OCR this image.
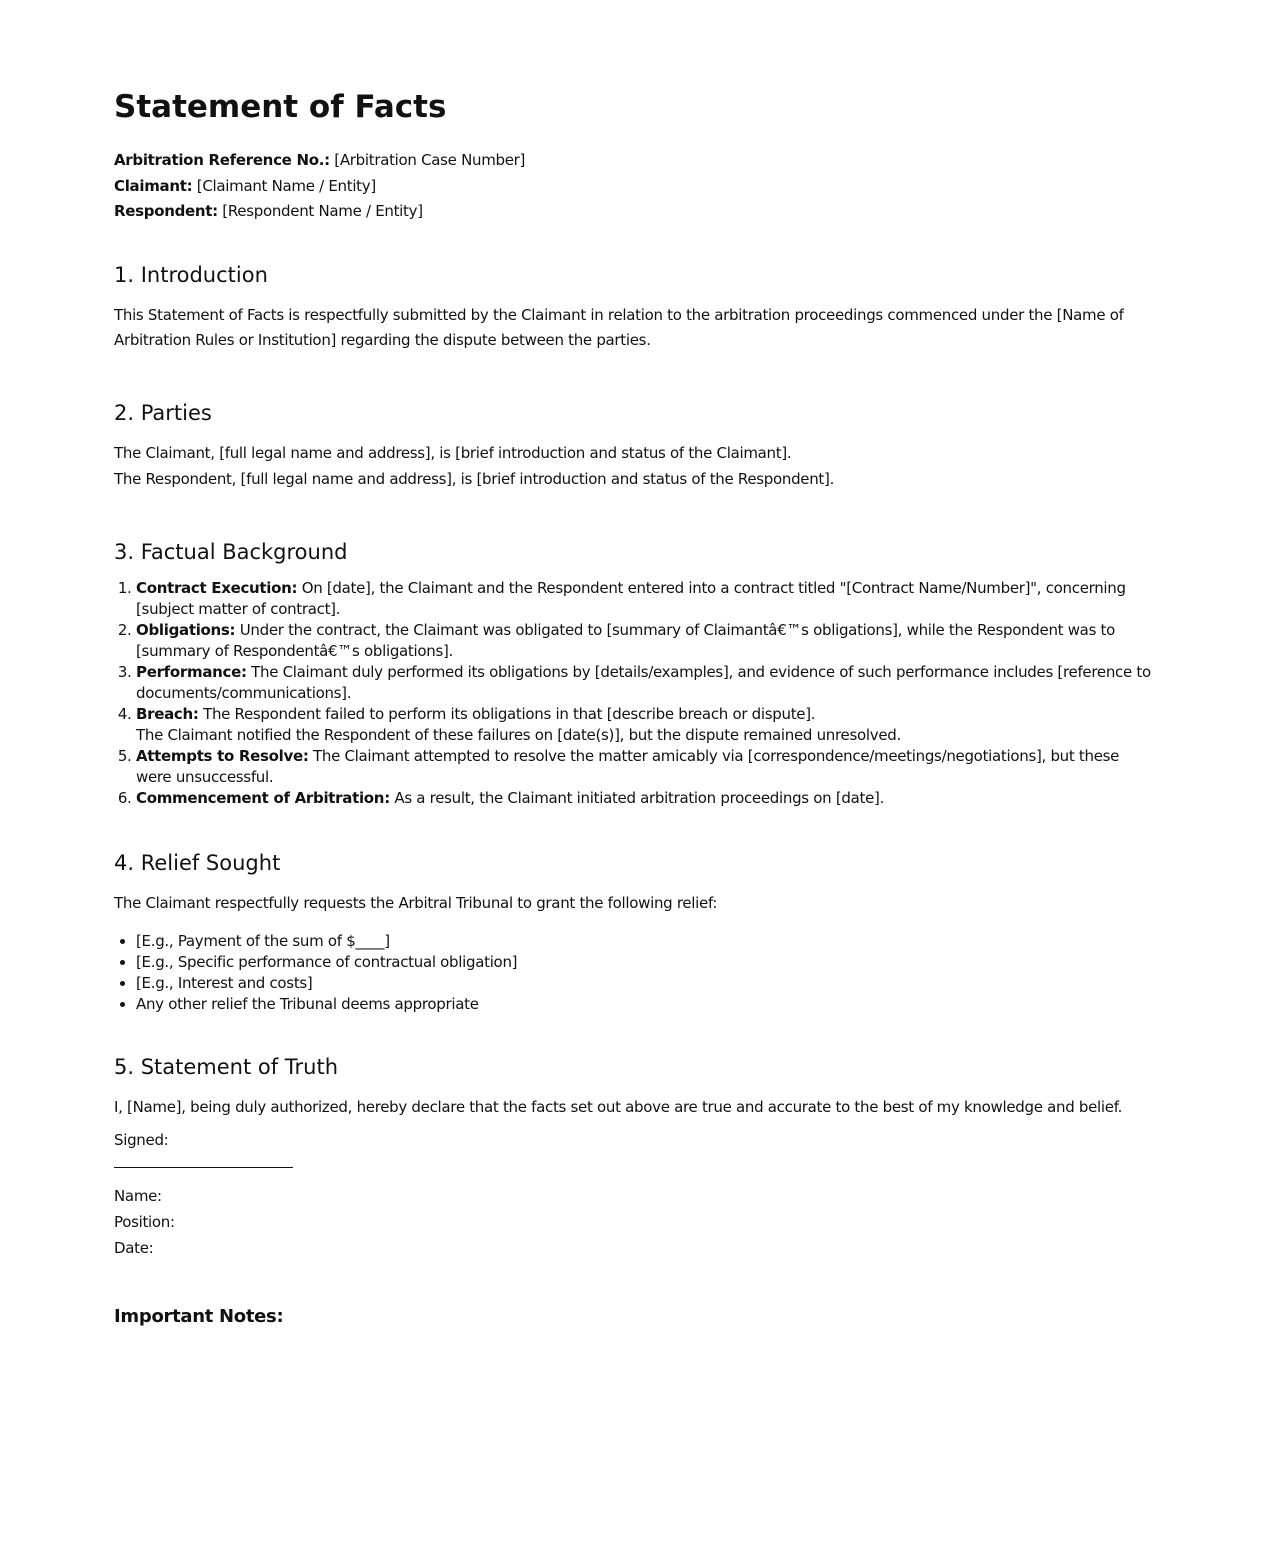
Statement of Facts

Arbitration Reference No.: [Arbitration Case Number]

Claimant: [Claimant Name / Entity]

Respondent: [Respondent Name / Entity]

1. Introduction

This Statement of Facts is respectfully submitted by the Claimant in relation to the arbitration proceedings commenced under the [Name of Arbitration Rules or Institution] regarding the dispute between the parties.

2. Parties

The Claimant, [full legal name and address], is [brief introduction and status of the Claimant].

The Respondent, [full legal name and address], is [brief introduction and status of the Respondent].

3. Factual Background
1. Contract Execution: On [date], the Claimant and the Respondent entered into a contract titled "[Contract Name/Number]", concerning [subject matter of contract].
2. Obligations: Under the contract, the Claimant was obligated to [summary of Claimantâ€™s obligations], while the Respondent was to [summary of Respondentâ€™s obligations].
3. Performance: The Claimant duly performed its obligations by [details/examples], and evidence of such performance includes [reference to documents/communications].
4. Breach: The Respondent failed to perform its obligations in that [describe breach or dispute].
The Claimant notified the Respondent of these failures on [date(s)], but the dispute remained unresolved.
5. Attempts to Resolve: The Claimant attempted to resolve the matter amicably via [correspondence/meetings/negotiations], but these were unsuccessful.
6. Commencement of Arbitration: As a result, the Claimant initiated arbitration proceedings on [date].
4. Relief Sought

The Claimant respectfully requests the Arbitral Tribunal to grant the following relief:

• [E.g., Payment of the sum of $____]
• [E.g., Specific performance of contractual obligation]
• [E.g., Interest and costs]
• Any other relief the Tribunal deems appropriate
5. Statement of Truth

I, [Name], being duly authorized, hereby declare that the facts set out above are true and accurate to the best of my knowledge and belief.

Signed:

Name:

Position:

Date:

Important Notes:
